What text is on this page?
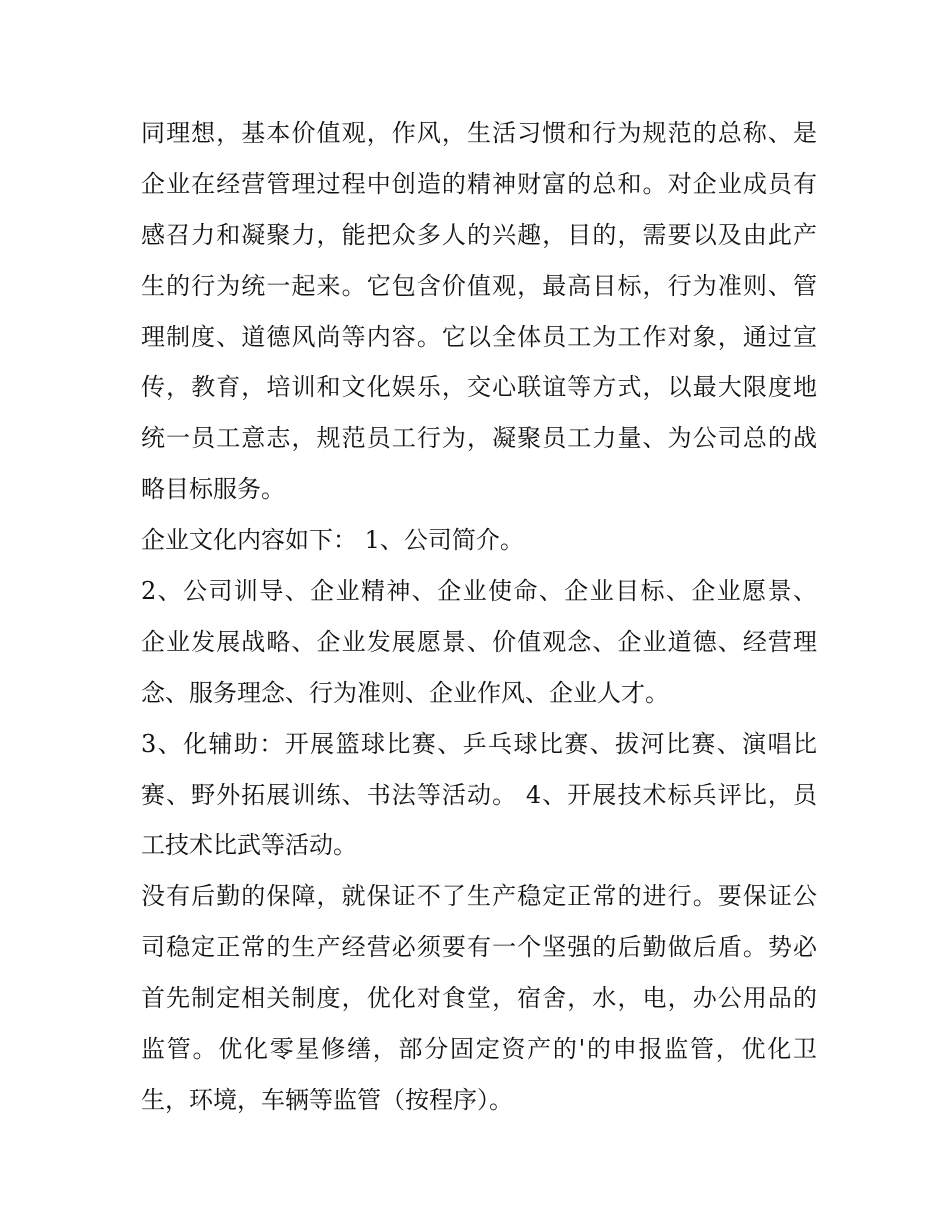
同理想，基本价值观，作风，生活习惯和行为规范的总称、是
企业在经营管理过程中创造的精神财富的总和。对企业成员有
感召力和凝聚力，能把众多人的兴趣，目的，需要以及由此产
生的行为统一起来。它包含价值观，最高目标，行为准则、管
理制度、道德风尚等内容。它以全体员工为工作对象，通过宣
传，教育，培训和文化娱乐，交心联谊等方式，以最大限度地
统一员工意志，规范员工行为，凝聚员工力量、为公司总的战
略目标服务。
企业文化内容如下： 1、公司简介。
2、公司训导、企业精神、企业使命、企业目标、企业愿景、
企业发展战略、企业发展愿景、价值观念、企业道德、经营理
念、服务理念、行为准则、企业作风、企业人才。
3、化辅助：开展篮球比赛、乒乓球比赛、拔河比赛、演唱比
赛、野外拓展训练、书法等活动。 4、开展技术标兵评比，员
工技术比武等活动。
没有后勤的保障，就保证不了生产稳定正常的进行。要保证公
司稳定正常的生产经营必须要有一个坚强的后勤做后盾。势必
首先制定相关制度，优化对食堂，宿舍，水，电，办公用品的
监管。优化零星修缮，部分固定资产的'的申报监管，优化卫
生，环境，车辆等监管（按程序）。
